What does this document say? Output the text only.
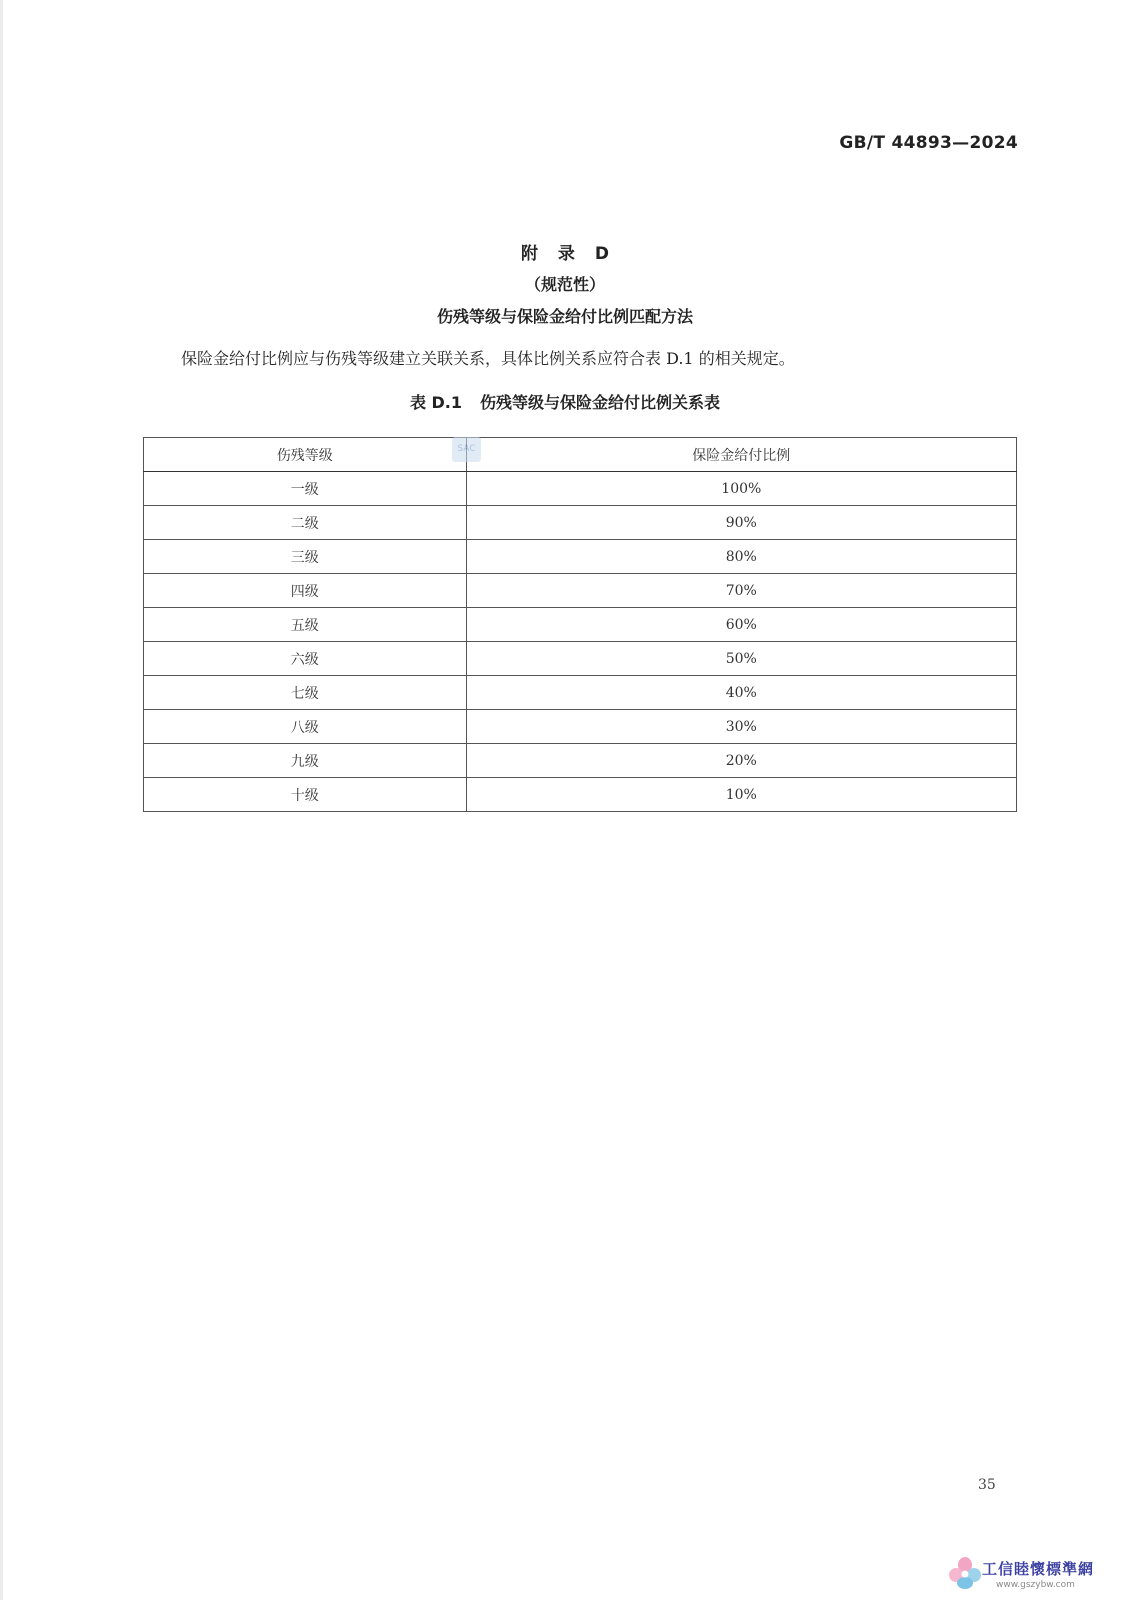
GB/T 44893—2024
附 录 D
（规范性）
伤残等级与保险金给付比例匹配方法
保险金给付比例应与伤残等级建立关联关系，具体比例关系应符合表 D.1 的相关规定。
表 D.1 伤残等级与保险金给付比例关系表
伤残等级	保险金给付比例
一级	100%
二级	90%
三级	80%
四级	70%
五级	60%
六级	50%
七级	40%
八级	30%
九级	20%
十级	10%
SAC
35
工信睦懷標準網
www.gszybw.com
